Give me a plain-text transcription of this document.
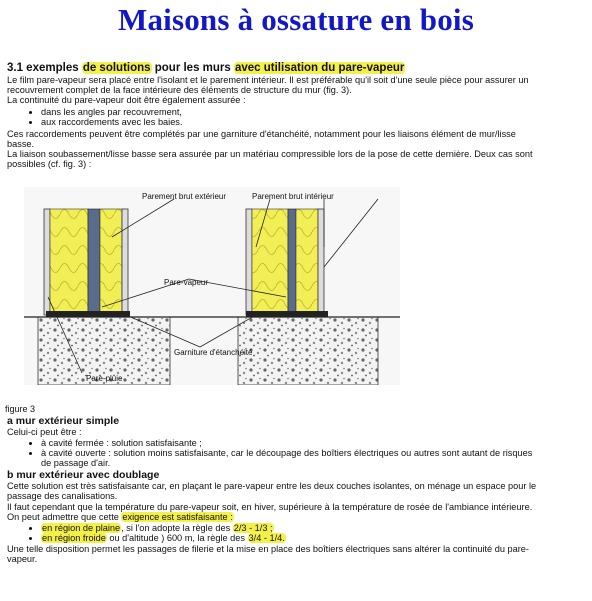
Maisons à ossature en bois
3.1 exemples de solutions pour les murs avec utilisation du pare-vapeur

Le film pare-vapeur sera placé entre l'isolant et le parement intérieur. Il est préférable qu'il soit d'une seule pièce pour assurer un recouvrement complet de la face intérieure des éléments de structure du mur (fig. 3).

La continuité du pare-vapeur doit être également assurée :

• dans les angles par recouvrement,
• aux raccordements avec les baies.

Ces raccordements peuvent être complétés par une garniture d'étanchéité, notamment pour les liaisons élément de mur/lisse basse.

La liaison soubassement/lisse basse sera assurée par un matériau compressible lors de la pose de cette dernière. Deux cas sont possibles (cf. fig. 3) :

Parement brut extérieur	Parement brut intérieur
Pare-vapeur
Garniture d'étanchéité
Pare-pluie
figure 3
a mur extérieur simple

Celui-ci peut être :

• à cavité fermée : solution satisfaisante ;
• à cavité ouverte : solution moins satisfaisante, car le découpage des boîtiers électriques ou autres sont autant de risques de passage d'air.
b mur extérieur avec doublage

Cette solution est très satisfaisante car, en plaçant le pare-vapeur entre les deux couches isolantes, on ménage un espace pour le passage des canalisations.

Il faut cependant que la température du pare-vapeur soit, en hiver, supérieure à la température de rosée de l'ambiance intérieure.

On peut admettre que cette exigence est satisfaisante :

• en région de plaine, si l'on adopte la règle des 2/3 - 1/3 ;
• en région froide ou d'altitude ) 600 m, la règle des 3/4 - 1/4.

Une telle disposition permet les passages de filerie et la mise en place des boîtiers électriques sans altérer la continuité du pare-vapeur.
